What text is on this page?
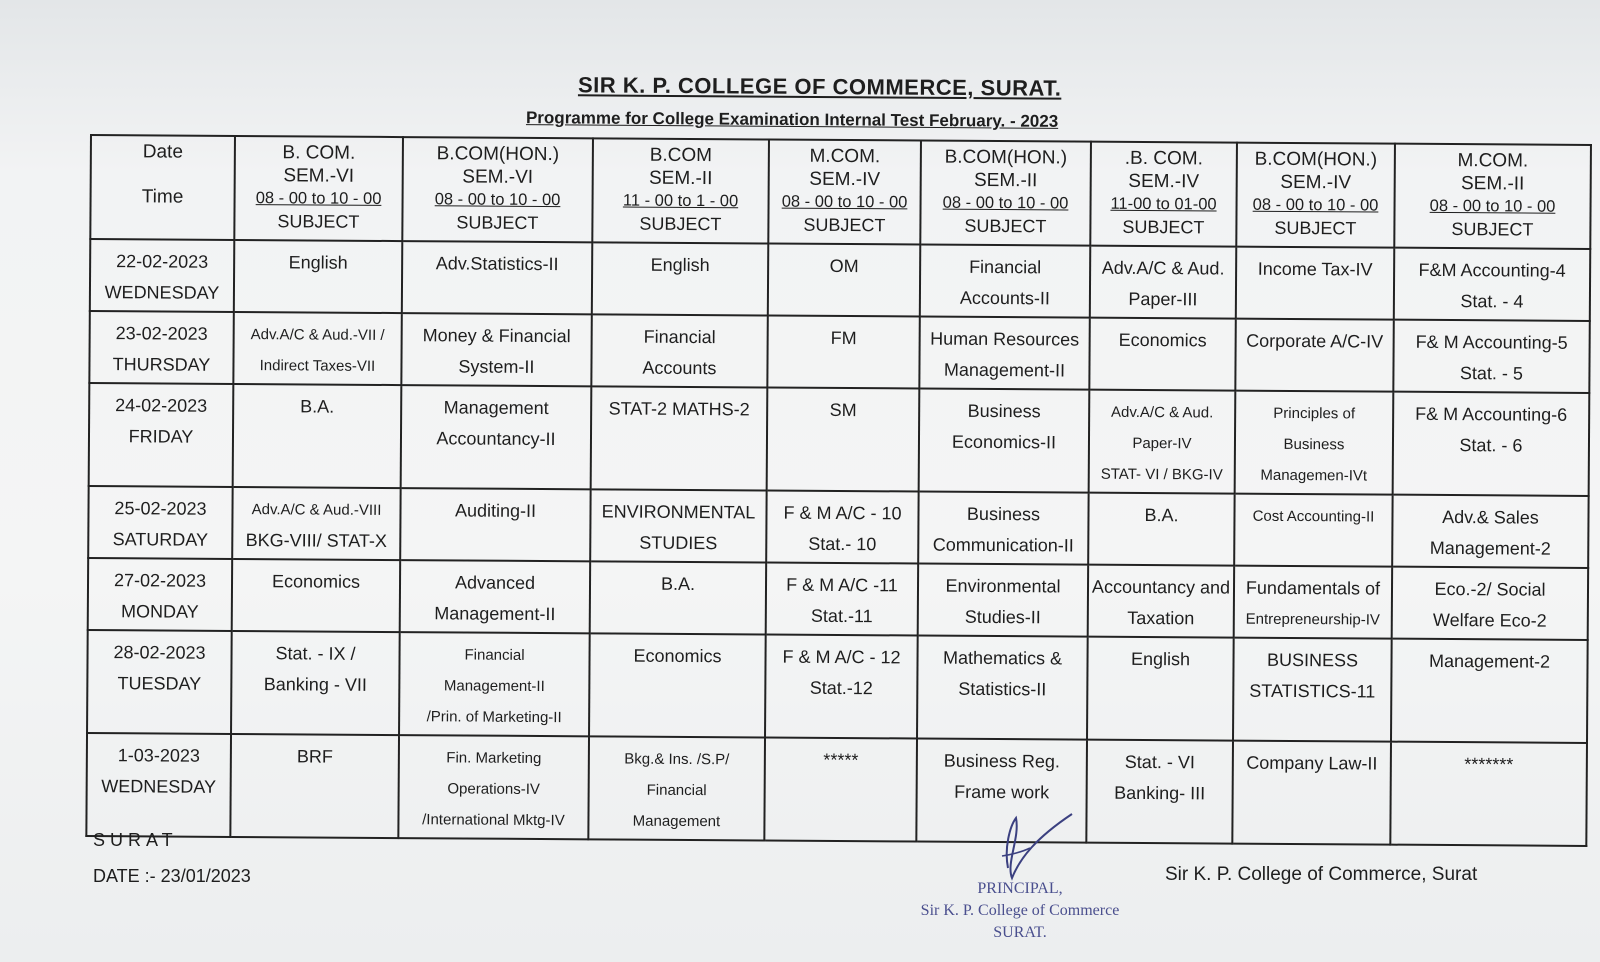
SIR K. P. COLLEGE OF COMMERCE, SURAT.
Programme for College Examination Internal Test February. - 2023
Date
Time	B. COM.
SEM.-VI
08 - 00 to 10 - 00
SUBJECT	B.COM(HON.)
SEM.-VI
08 - 00 to 10 - 00
SUBJECT	B.COM
SEM.-II
11 - 00 to 1 - 00
SUBJECT	M.COM.
SEM.-IV
08 - 00 to 10 - 00
SUBJECT	B.COM(HON.)
SEM.-II
08 - 00 to 10 - 00
SUBJECT	.B. COM.
SEM.-IV
11-00 to 01-00
SUBJECT	B.COM(HON.)
SEM.-IV
08 - 00 to 10 - 00
SUBJECT	M.COM.
SEM.-II
08 - 00 to 10 - 00
SUBJECT

22-02-2023
WEDNESDAY	English	Adv.Statistics-II	English	OM	Financial
Accounts-II	Adv.A/C & Aud.
Paper-III	Income Tax-IV	F&M Accounting-4
Stat. - 4

23-02-2023
THURSDAY	Adv.A/C & Aud.-VII /
Indirect Taxes-VII	Money & Financial
System-II	Financial
Accounts	FM	Human Resources
Management-II	Economics	Corporate A/C-IV	F& M Accounting-5
Stat. - 5

24-02-2023
FRIDAY	B.A.	Management
Accountancy-II	STAT-2 MATHS-2	SM	Business
Economics-II	Adv.A/C & Aud.
Paper-IV
STAT- VI / BKG-IV	Principles of
Business
Managemen-IVt	F& M Accounting-6
Stat. - 6

25-02-2023
SATURDAY	Adv.A/C & Aud.-VIII
BKG-VIII/ STAT-X	Auditing-II	ENVIRONMENTAL
STUDIES	F & M A/C - 10
Stat.- 10	Business
Communication-II	B.A.	Cost Accounting-II	Adv.& Sales
Management-2

27-02-2023
MONDAY	Economics	Advanced
Management-II	B.A.	F & M A/C -11
Stat.-11	Environmental
Studies-II	Accountancy and
Taxation	Fundamentals of
Entrepreneurship-IV	Eco.-2/ Social
Welfare Eco-2

28-02-2023
TUESDAY	Stat. - IX /
Banking - VII	Financial
Management-II
/Prin. of Marketing-II	Economics	F & M A/C - 12
Stat.-12	Mathematics &
Statistics-II	English	BUSINESS
STATISTICS-11	Management-2

1-03-2023
WEDNESDAY	BRF	Fin. Marketing
Operations-IV
/International Mktg-IV	Bkg.& Ins. /S.P/
Financial
Management	*****	Business Reg.
Frame work	Stat. - VI
Banking- III	Company Law-II	*******
SURAT
DATE :- 23/01/2023	Sir K. P. College of Commerce, Surat
PRINCIPAL,
Sir K. P. College of Commerce
SURAT.
